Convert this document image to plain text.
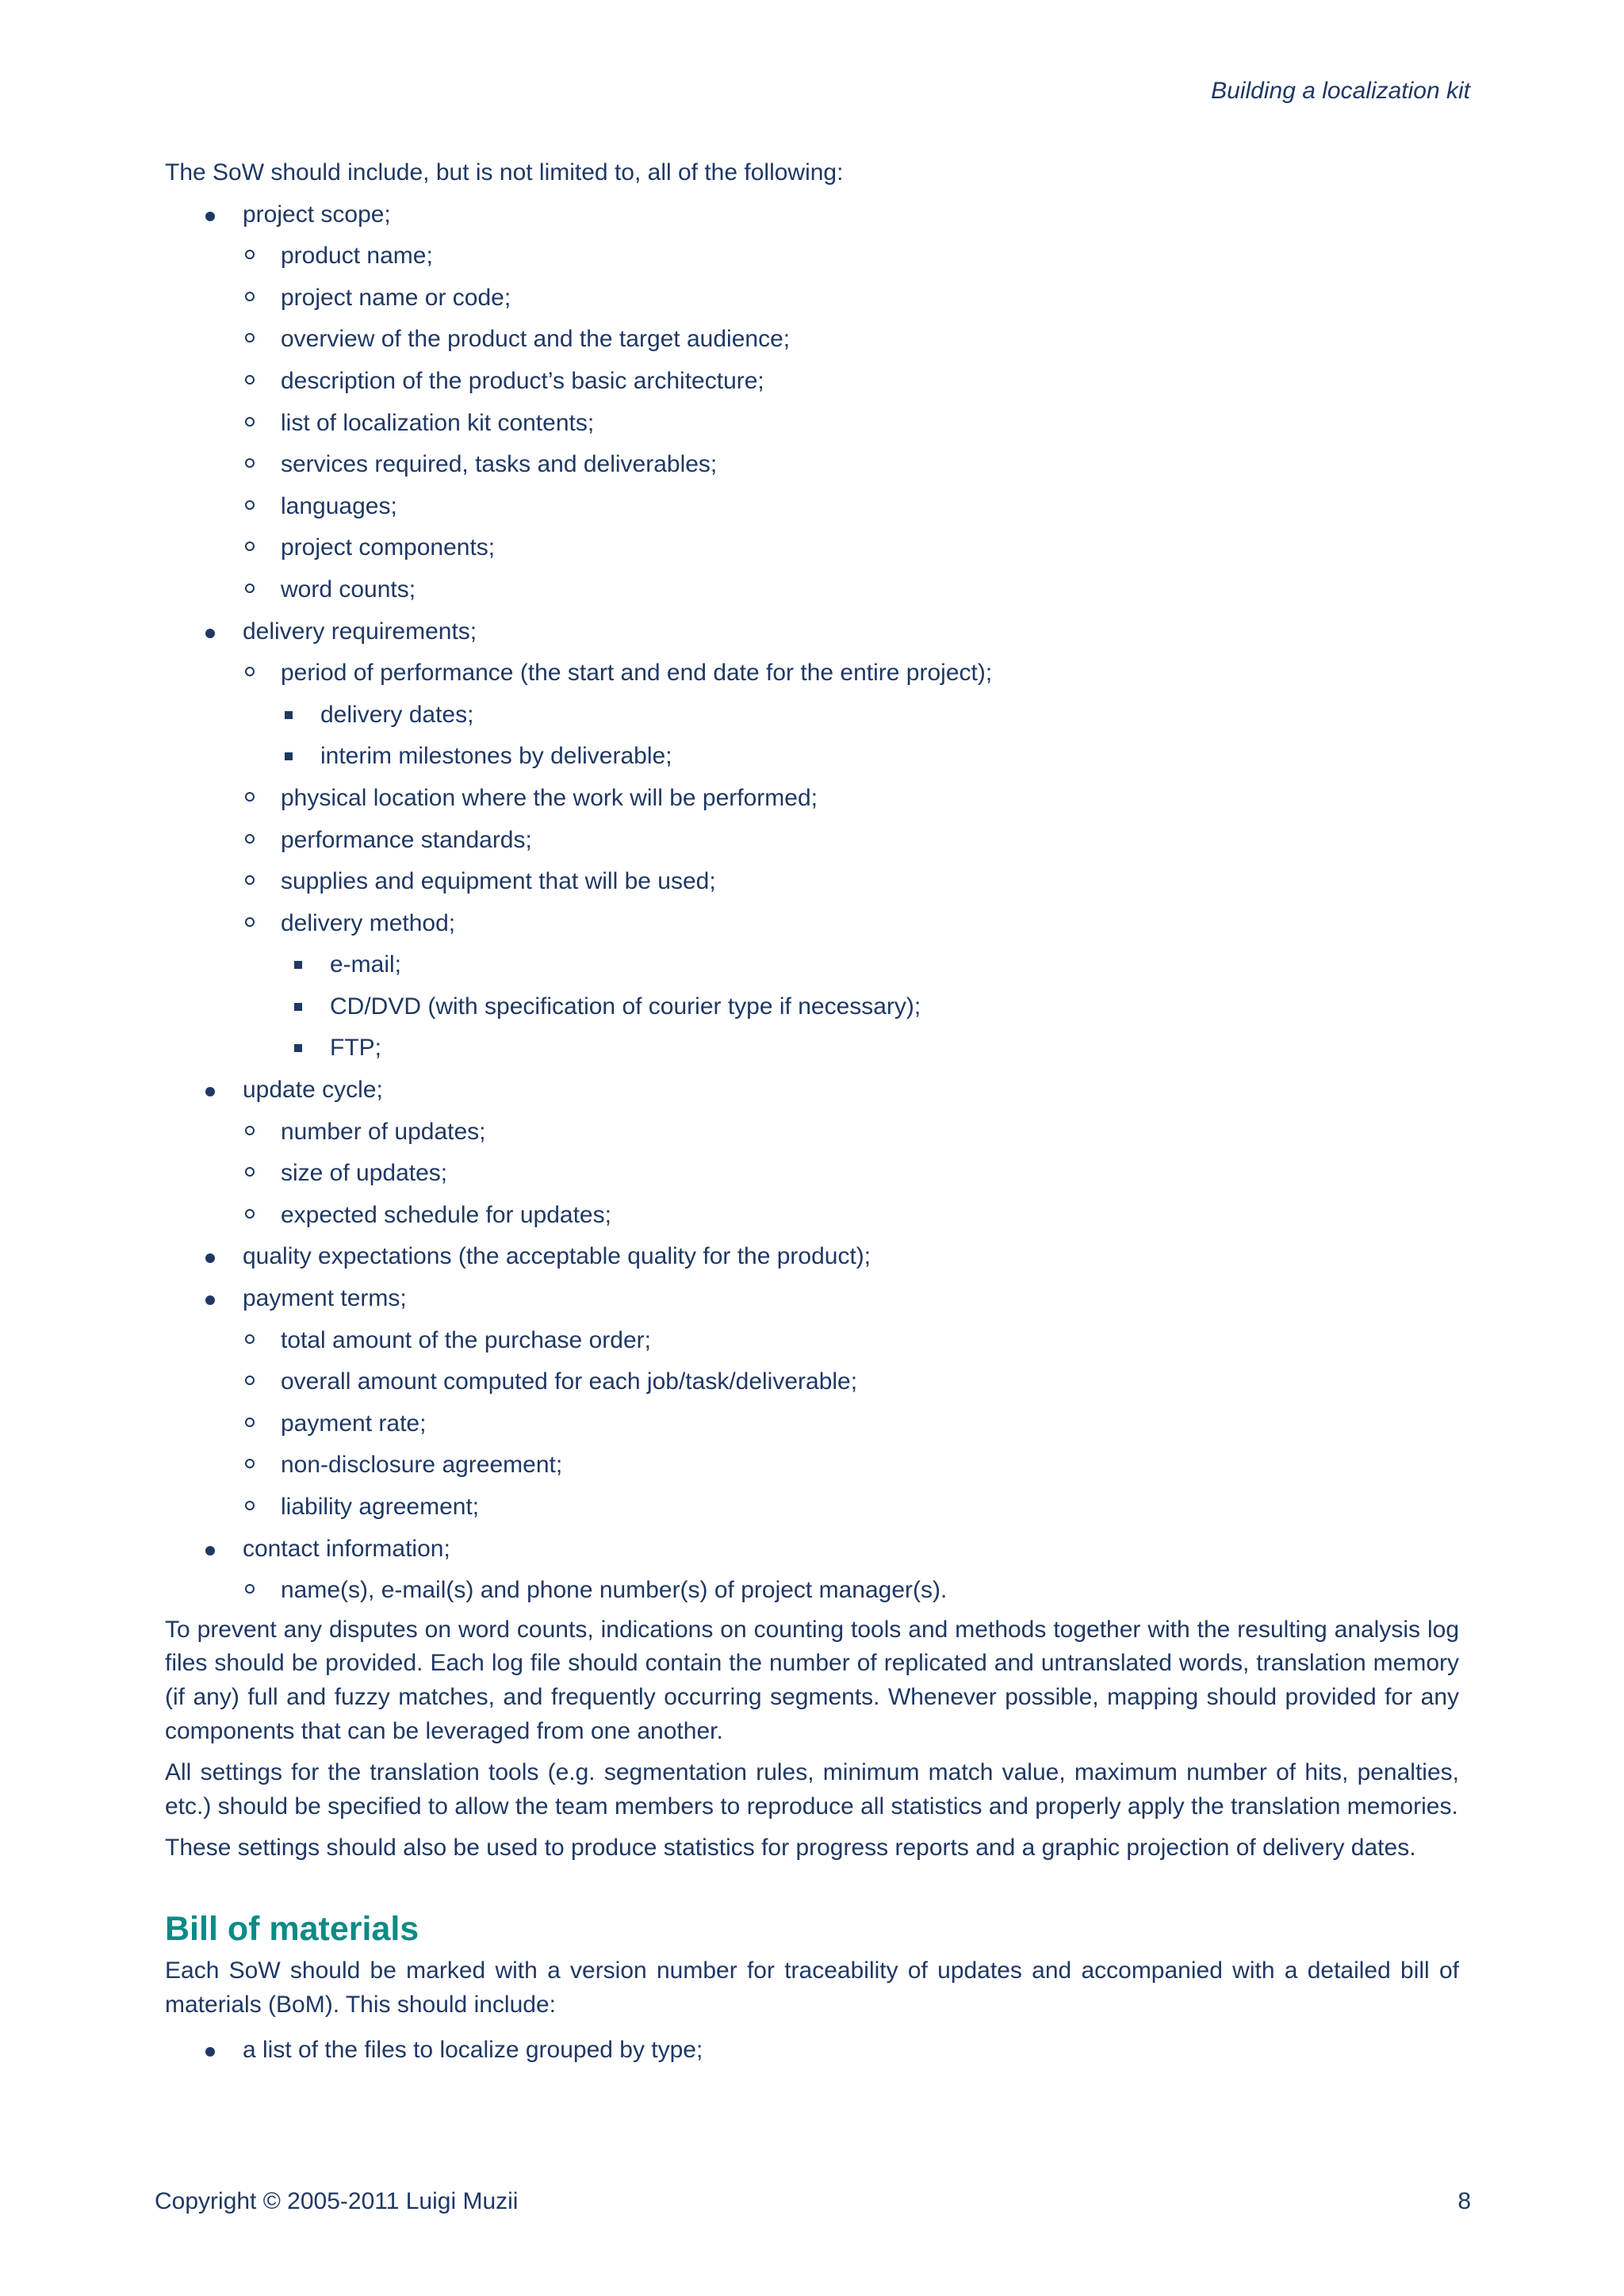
Building a localization kit

The SoW should include, but is not limited to, all of the following:

project scope;
product name;
project name or code;
overview of the product and the target audience;
description of the product’s basic architecture;
list of localization kit contents;
services required, tasks and deliverables;
languages;
project components;
word counts;
delivery requirements;
period of performance (the start and end date for the entire project);
delivery dates;
interim milestones by deliverable;
physical location where the work will be performed;
performance standards;
supplies and equipment that will be used;
delivery method;
e-mail;
CD/DVD (with specification of courier type if necessary);
FTP;
update cycle;
number of updates;
size of updates;
expected schedule for updates;
quality expectations (the acceptable quality for the product);
payment terms;
total amount of the purchase order;
overall amount computed for each job/task/deliverable;
payment rate;
non-disclosure agreement;
liability agreement;
contact information;
name(s), e-mail(s) and phone number(s) of project manager(s).

To prevent any disputes on word counts, indications on counting tools and methods together with the resulting analysis log files should be provided. Each log file should contain the number of replicated and untranslated words, translation memory (if any) full and fuzzy matches, and frequently occurring segments. Whenever possible, mapping should provided for any components that can be leveraged from one another.

All settings for the translation tools (e.g. segmentation rules, minimum match value, maximum number of hits, penalties, etc.) should be specified to allow the team members to reproduce all statistics and properly apply the translation memories.

These settings should also be used to produce statistics for progress reports and a graphic projection of delivery dates.

Bill of materials

Each SoW should be marked with a version number for traceability of updates and accompanied with a detailed bill of materials (BoM). This should include:

a list of the files to localize grouped by type;
Copyright © 2005-2011 Luigi Muzii	8
